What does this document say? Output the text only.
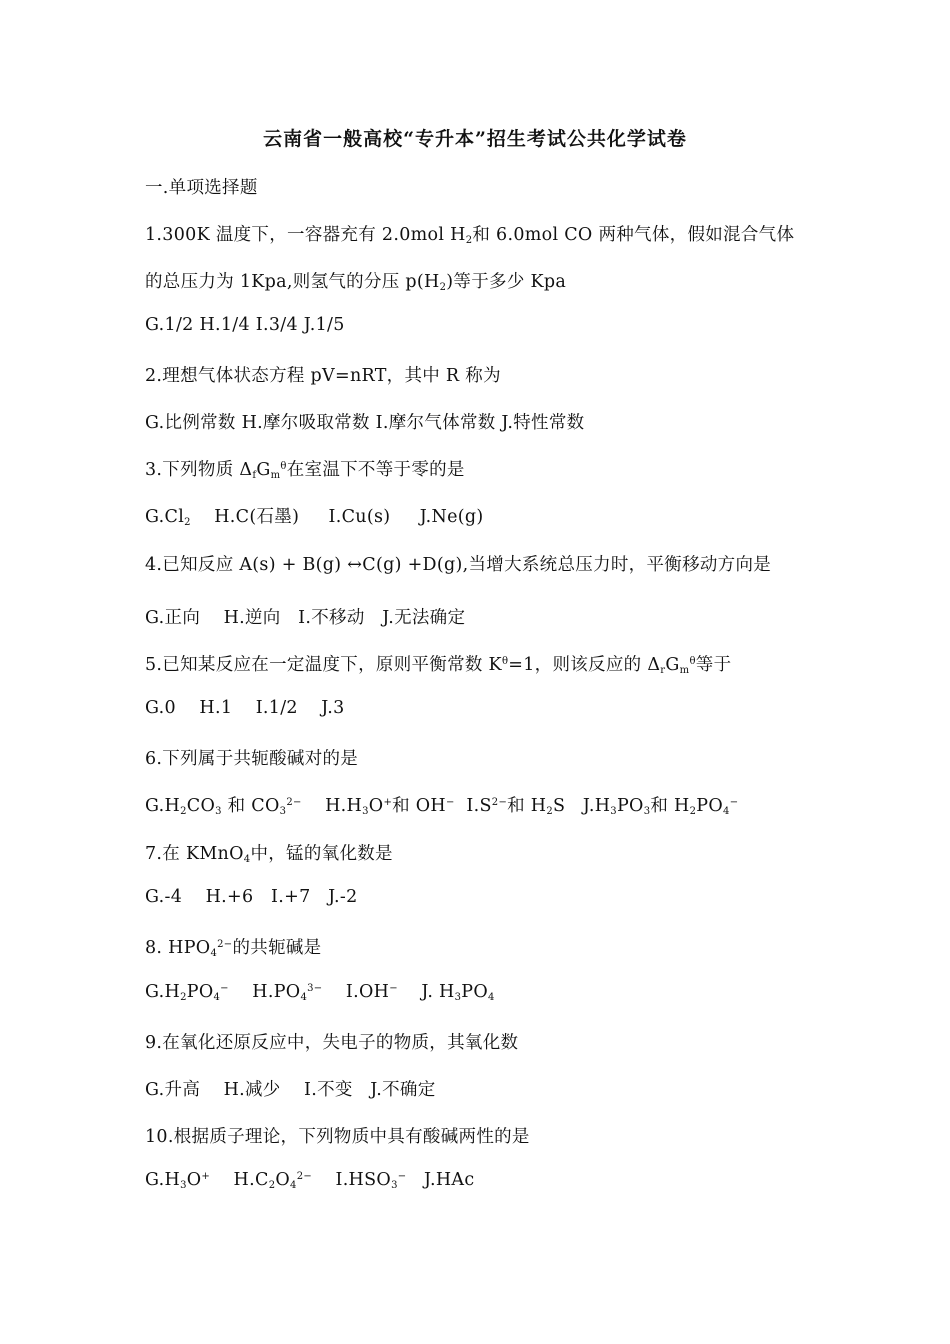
云南省一般高校“专升本”招生考试公共化学试卷
一.单项选择题
1.300K 温度下，一容器充有 2.0mol $H_2$和 6.0mol CO 两种气体，假如混合气体
的总压力为 1Kpa,则氢气的分压 $p(H_2)$等于多少 Kpa
G.1/2 H.1/4 I.3/4 J.1/5
2.理想气体状态方程 pV=nRT，其中 R 称为
G.比例常数 H.摩尔吸取常数 I.摩尔气体常数 J.特性常数
3.下列物质 $\Delta_fG_m^\theta$在室温下不等于零的是
$G.Cl_2$    H.C(石墨)     I.Cu(s)     J.Ne(g)
4.已知反应 A(s) + B(g) ↔C(g) +D(g),当增大系统总压力时，平衡移动方向是
G.正向    H.逆向   I.不移动   J.无法确定
5.已知某反应在一定温度下，原则平衡常数 $K^\theta=1$，则该反应的 $\Delta_rG_m^\theta$等于
G.0    H.1    I.1/2    J.3
6.下列属于共轭酸碱对的是
$G.H_2CO_3$ 和 $CO_3^{2-}$    $H.H_3O^+$和 OH−  $I.S^{2-}$和 $H_2S$   $J.H_3PO_3$和 $H_2PO_4^-$
7.在 KMnO$_4$中，锰的氧化数是
G.-4    H.+6   I.+7   J.-2
8. $HPO_4^{2-}$的共轭碱是
$G.H_2PO_4^-$    $H.PO_4^{3-}$    I.OH−    J. $H_3PO_4$
9.在氧化还原反应中，失电子的物质，其氧化数
G.升高    H.减少    I.不变   J.不确定
10.根据质子理论，下列物质中具有酸碱两性的是
$G.H_3O^+$    $H.C_2O_4^{2-}$    $I.HSO_3^-$   J.HAc
